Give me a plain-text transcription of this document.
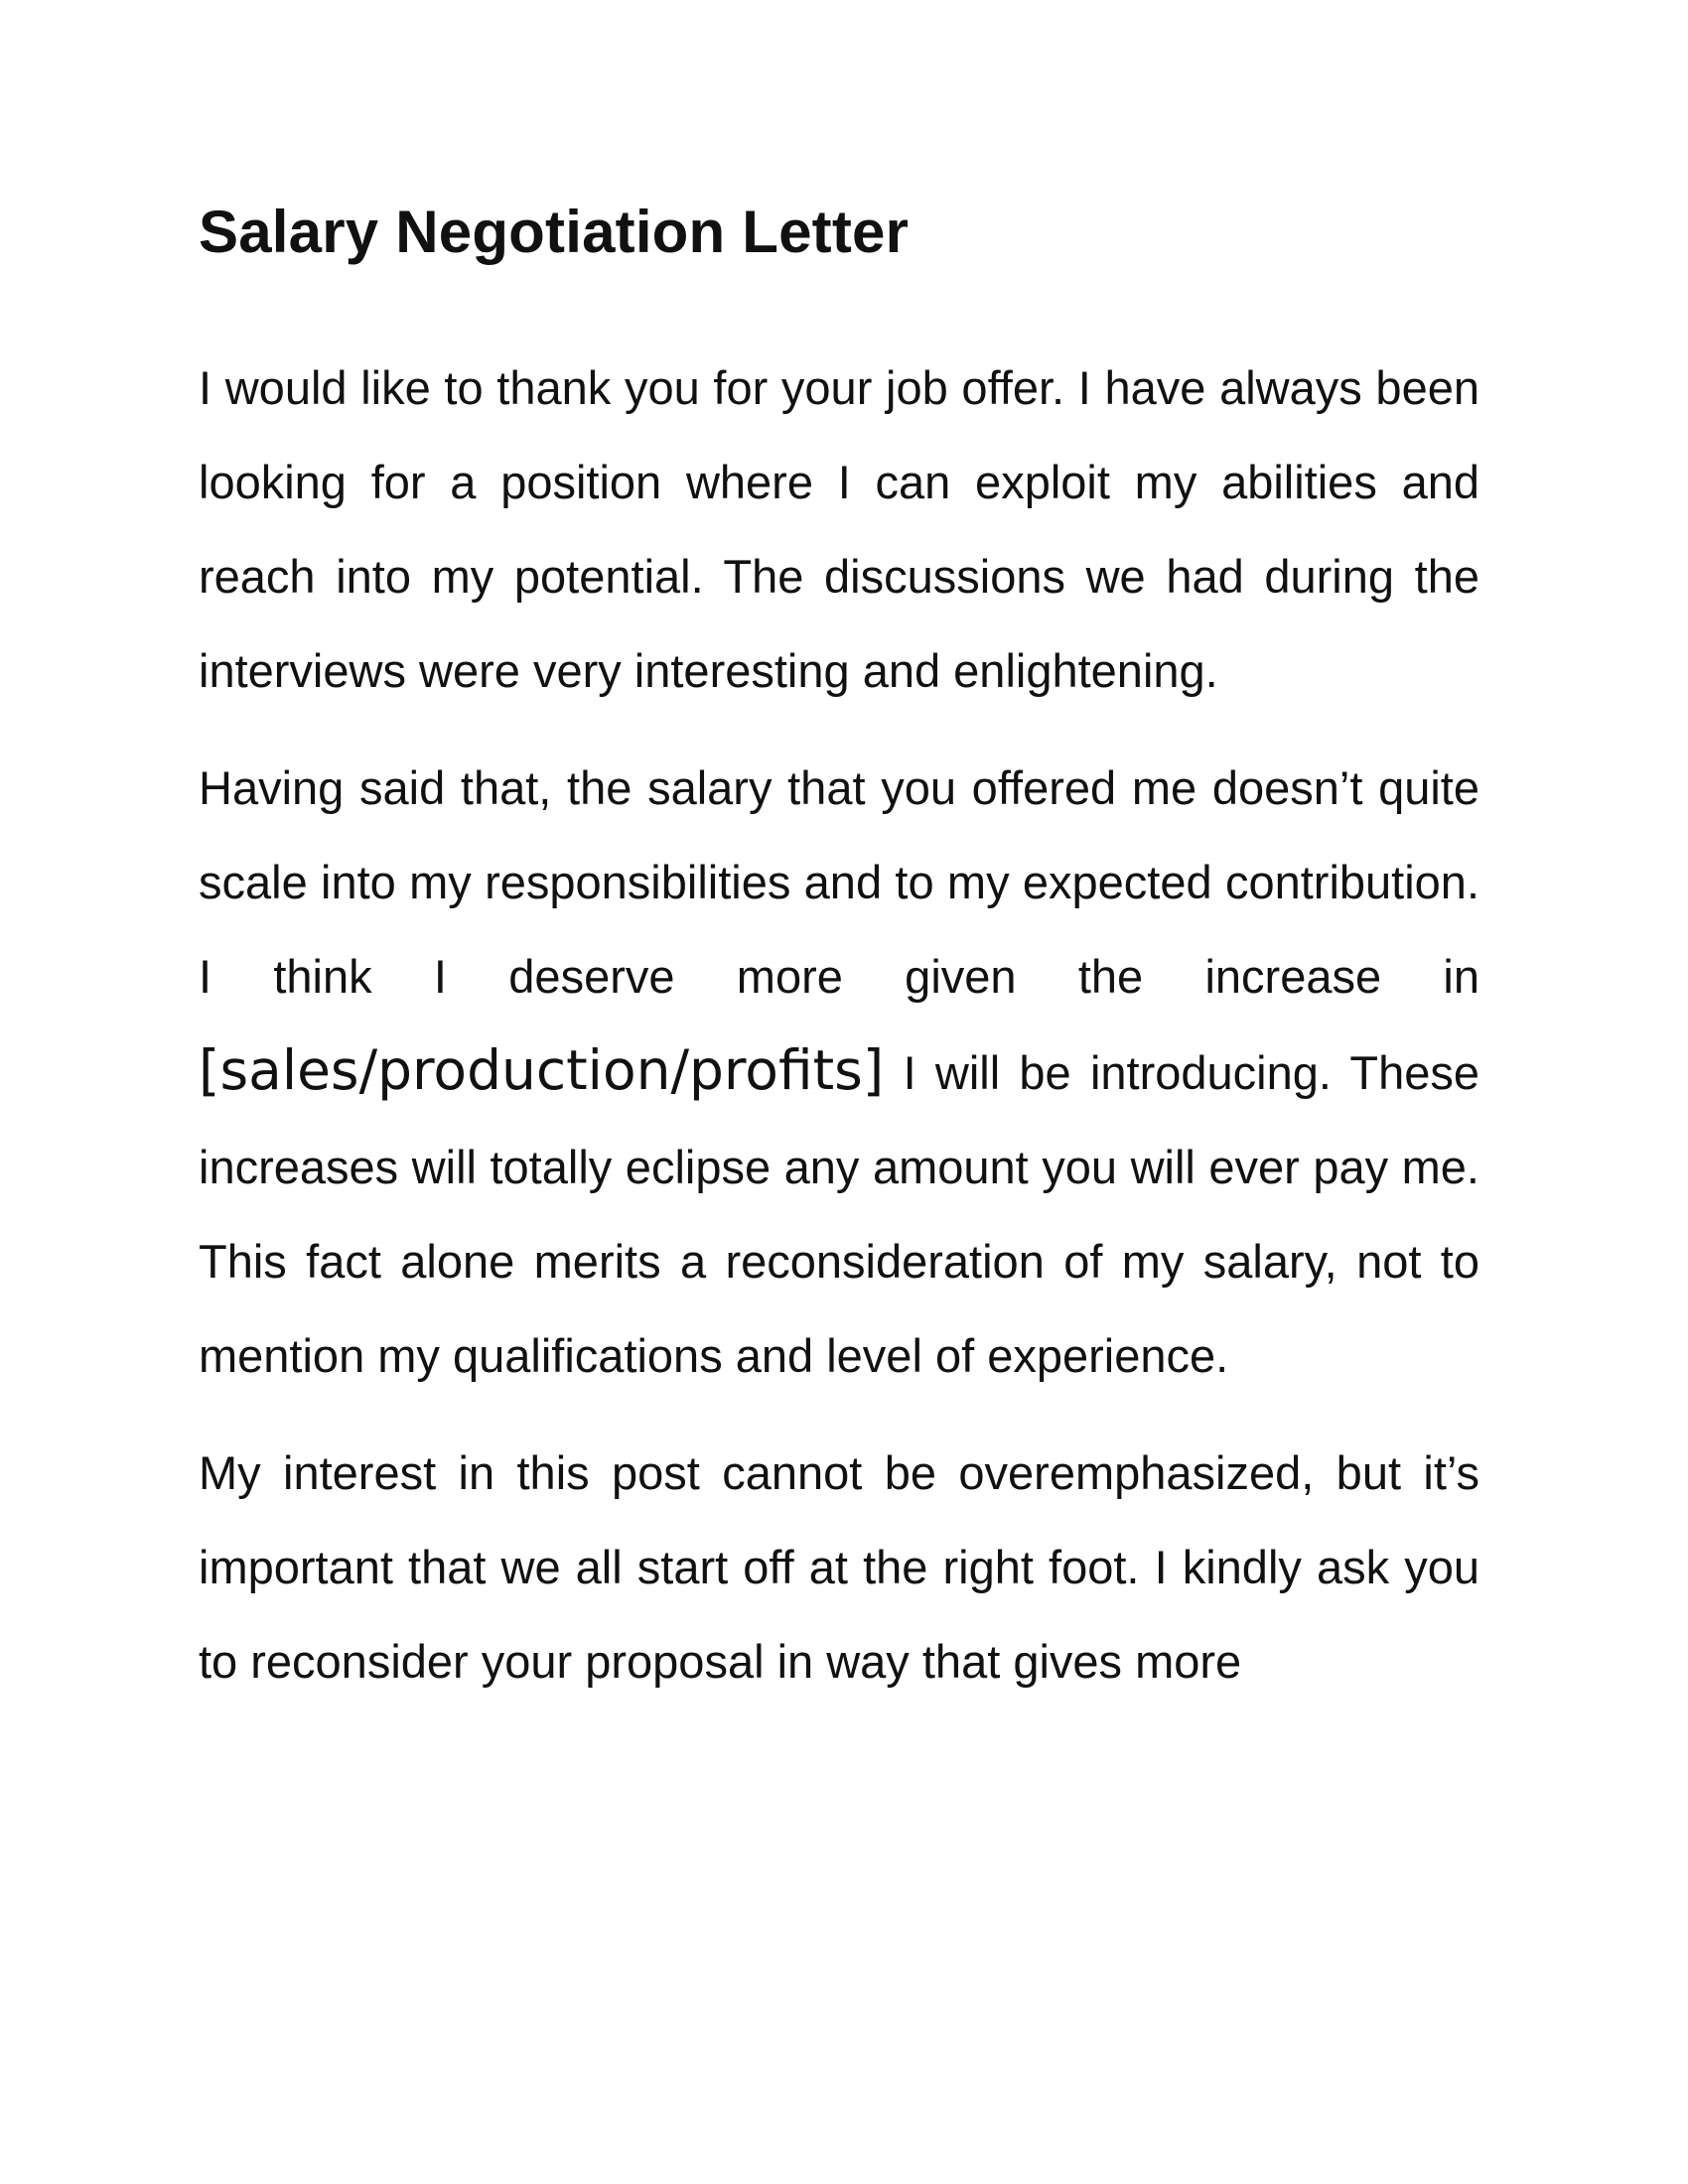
Salary Negotiation Letter

I would like to thank you for your job offer. I have always been looking for a position where I can exploit my abilities and reach into my potential. The discussions we had during the interviews were very interesting and enlightening.

Having said that, the salary that you offered me doesn’t quite scale into my responsibilities and to my expected contribution. I think I deserve more given the increase in [sales/production/profits] I will be introducing. These increases will totally eclipse any amount you will ever pay me. This fact alone merits a reconsideration of my salary, not to mention my qualifications and level of experience.

My interest in this post cannot be overemphasized, but it’s important that we all start off at the right foot. I kindly ask you to reconsider your proposal in way that gives more
